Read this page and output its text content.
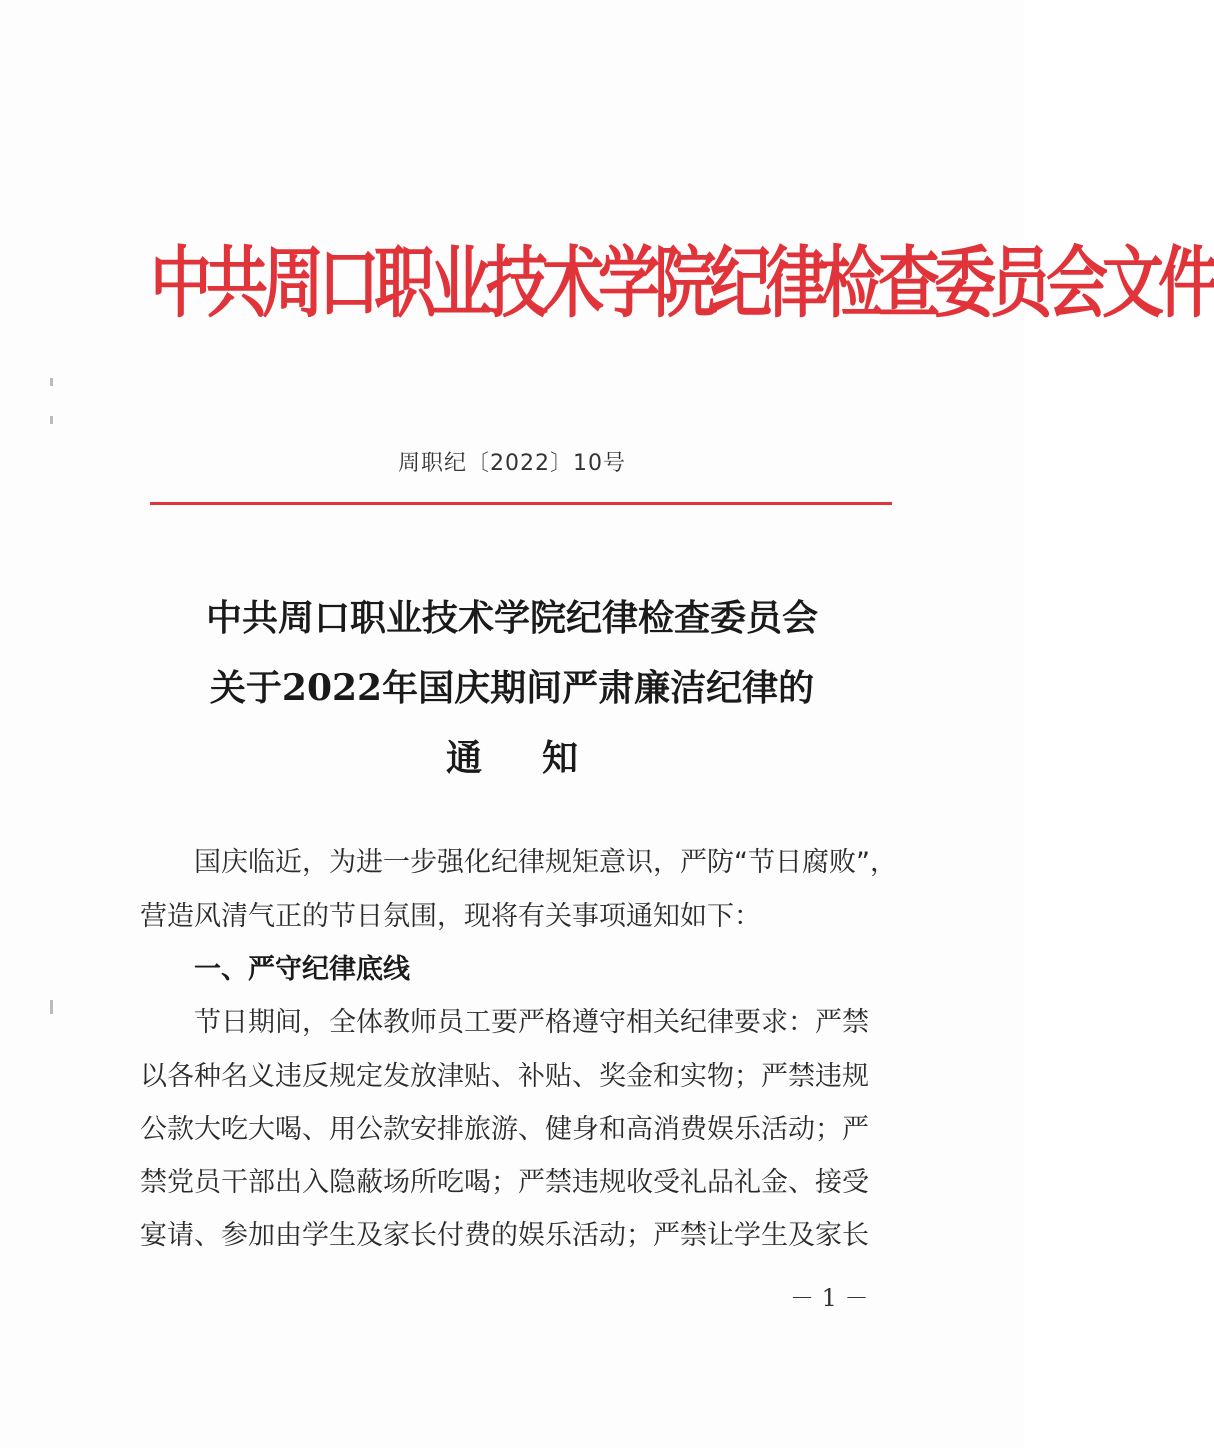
中共周口职业技术学院纪律检查委员会文件
周职纪〔2022〕10号
中共周口职业技术学院纪律检查委员会
关于2022年国庆期间严肃廉洁纪律的
通知
国庆临近，为进一步强化纪律规矩意识，严防“节日腐败”，
营造风清气正的节日氛围，现将有关事项通知如下：
一、严守纪律底线
节日期间，全体教师员工要严格遵守相关纪律要求：严禁
以各种名义违反规定发放津贴、补贴、奖金和实物；严禁违规
公款大吃大喝、用公款安排旅游、健身和高消费娱乐活动；严
禁党员干部出入隐蔽场所吃喝；严禁违规收受礼品礼金、接受
宴请、参加由学生及家长付费的娱乐活动；严禁让学生及家长
－ 1 －
